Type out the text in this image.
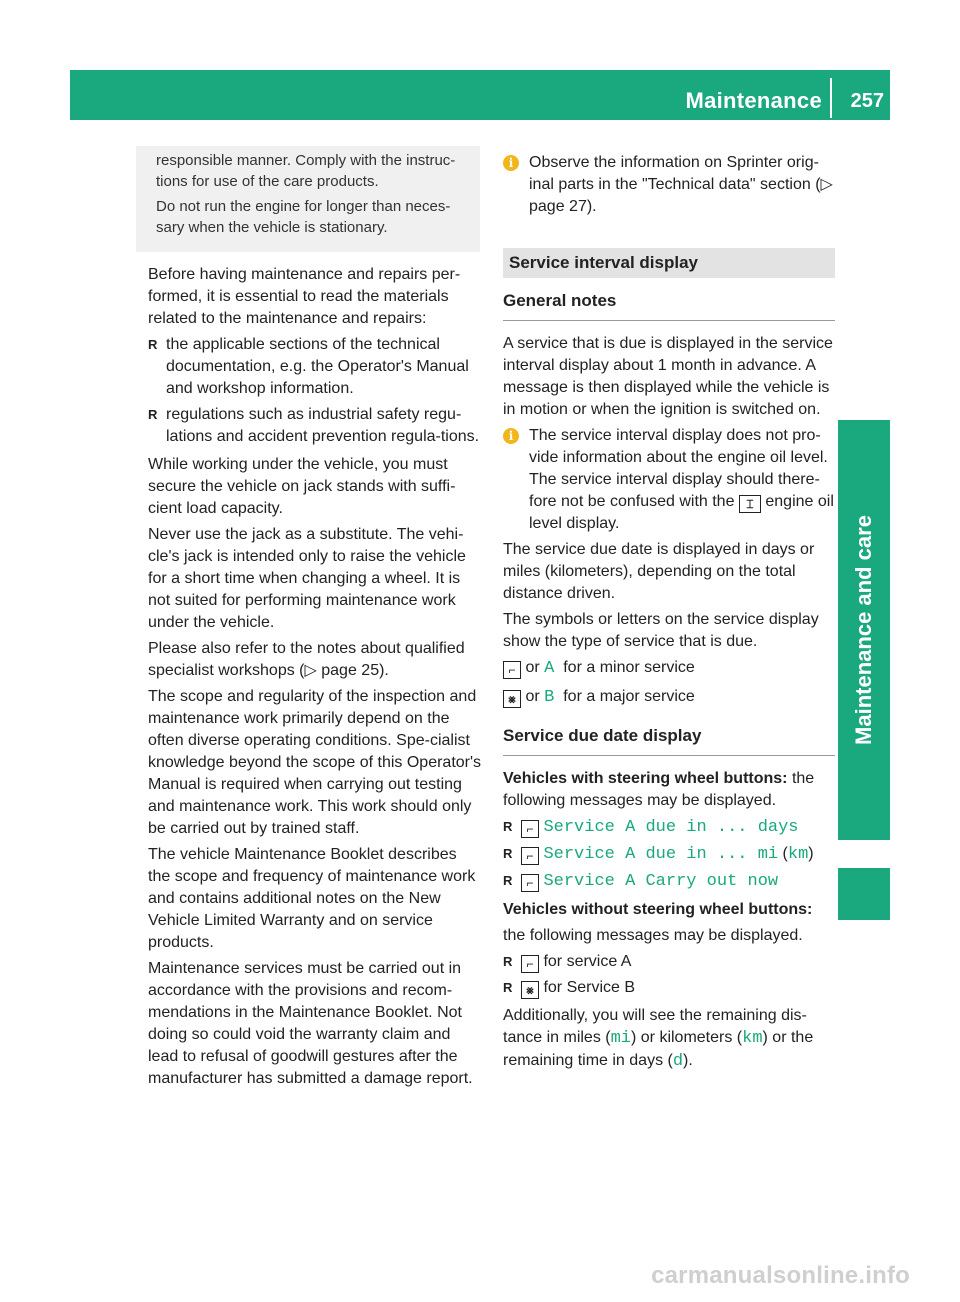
Maintenance 257
Maintenance and care

responsible manner. Comply with the instruc-tions for use of the care products.

Do not run the engine for longer than neces-sary when the vehicle is stationary.

Before having maintenance and repairs per-formed, it is essential to read the materials related to the maintenance and repairs:

R the applicable sections of the technical documentation, e.g. the Operator's Manual and workshop information.
R regulations such as industrial safety regu-lations and accident prevention regula-tions.

While working under the vehicle, you must secure the vehicle on jack stands with suffi-cient load capacity.

Never use the jack as a substitute. The vehi-cle's jack is intended only to raise the vehicle for a short time when changing a wheel. It is not suited for performing maintenance work under the vehicle.

Please also refer to the notes about qualified specialist workshops (▷ page 25).

The scope and regularity of the inspection and maintenance work primarily depend on the often diverse operating conditions. Spe-cialist knowledge beyond the scope of this Operator's Manual is required when carrying out testing and maintenance work. This work should only be carried out by trained staff.

The vehicle Maintenance Booklet describes the scope and frequency of maintenance work and contains additional notes on the New Vehicle Limited Warranty and on service products.

Maintenance services must be carried out in accordance with the provisions and recom-mendations in the Maintenance Booklet. Not doing so could void the warranty claim and lead to refusal of goodwill gestures after the manufacturer has submitted a damage report.

i Observe the information on Sprinter orig-inal parts in the "Technical data" section (▷ page 27).

Service interval display
General notes

A service that is due is displayed in the service interval display about 1 month in advance. A message is then displayed while the vehicle is in motion or when the ignition is switched on.

i The service interval display does not pro-vide information about the engine oil level. The service interval display should there-fore not be confused with the ⌶ engine oil level display.

The service due date is displayed in days or miles (kilometers), depending on the total distance driven.

The symbols or letters on the service display show the type of service that is due.

⌐ or A for a minor service

⨳ or B for a major service

Service due date display

Vehicles with steering wheel buttons: the following messages may be displayed.

R ⌐ Service A due in ... days
R ⌐ Service A due in ... mi (km)
R ⌐ Service A Carry out now

Vehicles without steering wheel buttons:

the following messages may be displayed.

R ⌐ for service A
R ⨳ for Service B

Additionally, you will see the remaining dis-tance in miles (mi) or kilometers (km) or the remaining time in days (d).

carmanualsonline.info
